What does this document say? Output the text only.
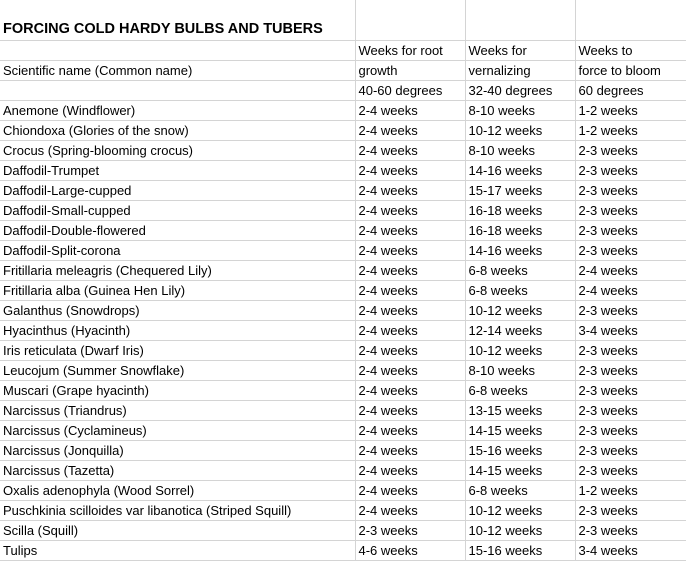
FORCING COLD HARDY BULBS AND TUBERS			
	Weeks for root	Weeks for	Weeks to
Scientific name (Common name)	growth	vernalizing	force to bloom
	40-60 degrees	32-40 degrees	60 degrees
Anemone (Windflower)	2-4 weeks	8-10 weeks	1-2 weeks
Chiondoxa (Glories of the snow)	2-4 weeks	10-12 weeks	1-2 weeks
Crocus (Spring-blooming crocus)	2-4 weeks	8-10 weeks	2-3 weeks
Daffodil-Trumpet	2-4 weeks	14-16 weeks	2-3 weeks
Daffodil-Large-cupped	2-4 weeks	15-17 weeks	2-3 weeks
Daffodil-Small-cupped	2-4 weeks	16-18 weeks	2-3 weeks
Daffodil-Double-flowered	2-4 weeks	16-18 weeks	2-3 weeks
Daffodil-Split-corona	2-4 weeks	14-16 weeks	2-3 weeks
Fritillaria meleagris (Chequered Lily)	2-4 weeks	6-8 weeks	2-4 weeks
Fritillaria alba (Guinea Hen Lily)	2-4 weeks	6-8 weeks	2-4 weeks
Galanthus (Snowdrops)	2-4 weeks	10-12 weeks	2-3 weeks
Hyacinthus (Hyacinth)	2-4 weeks	12-14 weeks	3-4 weeks
Iris reticulata (Dwarf Iris)	2-4 weeks	10-12 weeks	2-3 weeks
Leucojum (Summer Snowflake)	2-4 weeks	8-10 weeks	2-3 weeks
Muscari (Grape hyacinth)	2-4 weeks	6-8 weeks	2-3 weeks
Narcissus (Triandrus)	2-4 weeks	13-15 weeks	2-3 weeks
Narcissus (Cyclamineus)	2-4 weeks	14-15 weeks	2-3 weeks
Narcissus (Jonquilla)	2-4 weeks	15-16 weeks	2-3 weeks
Narcissus (Tazetta)	2-4 weeks	14-15 weeks	2-3 weeks
Oxalis adenophyla (Wood Sorrel)	2-4 weeks	6-8 weeks	1-2 weeks
Puschkinia scilloides var libanotica (Striped Squill)	2-4 weeks	10-12 weeks	2-3 weeks
Scilla (Squill)	2-3 weeks	10-12 weeks	2-3 weeks
Tulips	4-6 weeks	15-16 weeks	3-4 weeks
